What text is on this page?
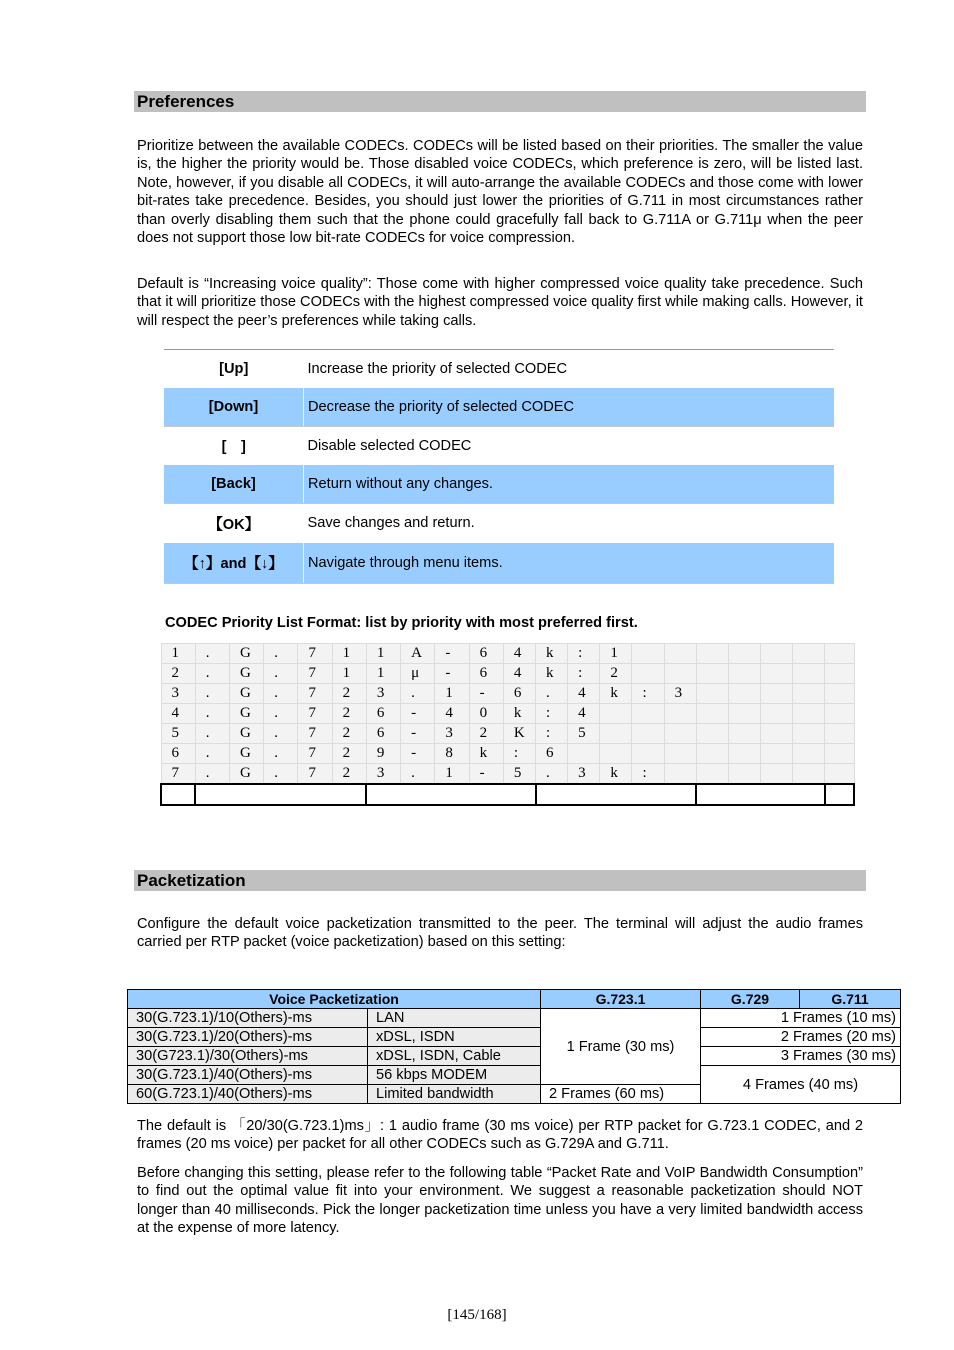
Preferences

Prioritize between the available CODECs. CODECs will be listed based on their priorities. The smaller the value is, the higher the priority would be. Those disabled voice CODECs, which preference is zero, will be listed last. Note, however, if you disable all CODECs, it will auto-arrange the available CODECs and those come with lower bit-rates take precedence. Besides, you should just lower the priorities of G.711 in most circumstances rather than overly disabling them such that the phone could gracefully fall back to G.711A or G.711μ when the peer does not support those low bit-rate CODECs for voice compression.

Default is “Increasing voice quality”: Those come with higher compressed voice quality take precedence. Such that it will prioritize those CODECs with the highest compressed voice quality first while making calls. However, it will respect the peer’s preferences while taking calls.

[Up]	Increase the priority of selected CODEC
[Down]	Decrease the priority of selected CODEC
[　]	Disable selected CODEC
[Back]	Return without any changes.
【OK】	Save changes and return.
【↑】and【↓】	Navigate through menu items.
CODEC Priority List Format: list by priority with most preferred first.
1	.	G	.	7	1	1	A	-	6	4	k	:	1							
2	.	G	.	7	1	1	μ	-	6	4	k	:	2							
3	.	G	.	7	2	3	.	1	-	6	.	4	k	:	3					
4	.	G	.	7	2	6	-	4	0	k	:	4								
5	.	G	.	7	2	6	-	3	2	K	:	5								
6	.	G	.	7	2	9	-	8	k	:	6									
7	.	G	.	7	2	3	.	1	-	5	.	3	k	:						

Packetization

Configure the default voice packetization transmitted to the peer. The terminal will adjust the audio frames carried per RTP packet (voice packetization) based on this setting:

Voice Packetization		G.723.1	G.729	G.711
30(G.723.1)/10(Others)-ms	LAN	1 Frame (30 ms)	1 Frames (10 ms)	
30(G.723.1)/20(Others)-ms	xDSL, ISDN		2 Frames (20 ms)	
30(G723.1)/30(Others)-ms	xDSL, ISDN, Cable		3 Frames (30 ms)	
30(G.723.1)/40(Others)-ms	56 kbps MODEM		4 Frames (40 ms)	
60(G.723.1)/40(Others)-ms	Limited bandwidth	2 Frames (60 ms)		

The default is 「20/30(G.723.1)ms」: 1 audio frame (30 ms voice) per RTP packet for G.723.1 CODEC, and 2 frames (20 ms voice) per packet for all other CODECs such as G.729A and G.711.

Before changing this setting, please refer to the following table “Packet Rate and VoIP Bandwidth Consumption” to find out the optimal value fit into your environment. We suggest a reasonable packetization should NOT longer than 40 milliseconds. Pick the longer packetization time unless you have a very limited bandwidth access at the expense of more latency.

[145/168]
